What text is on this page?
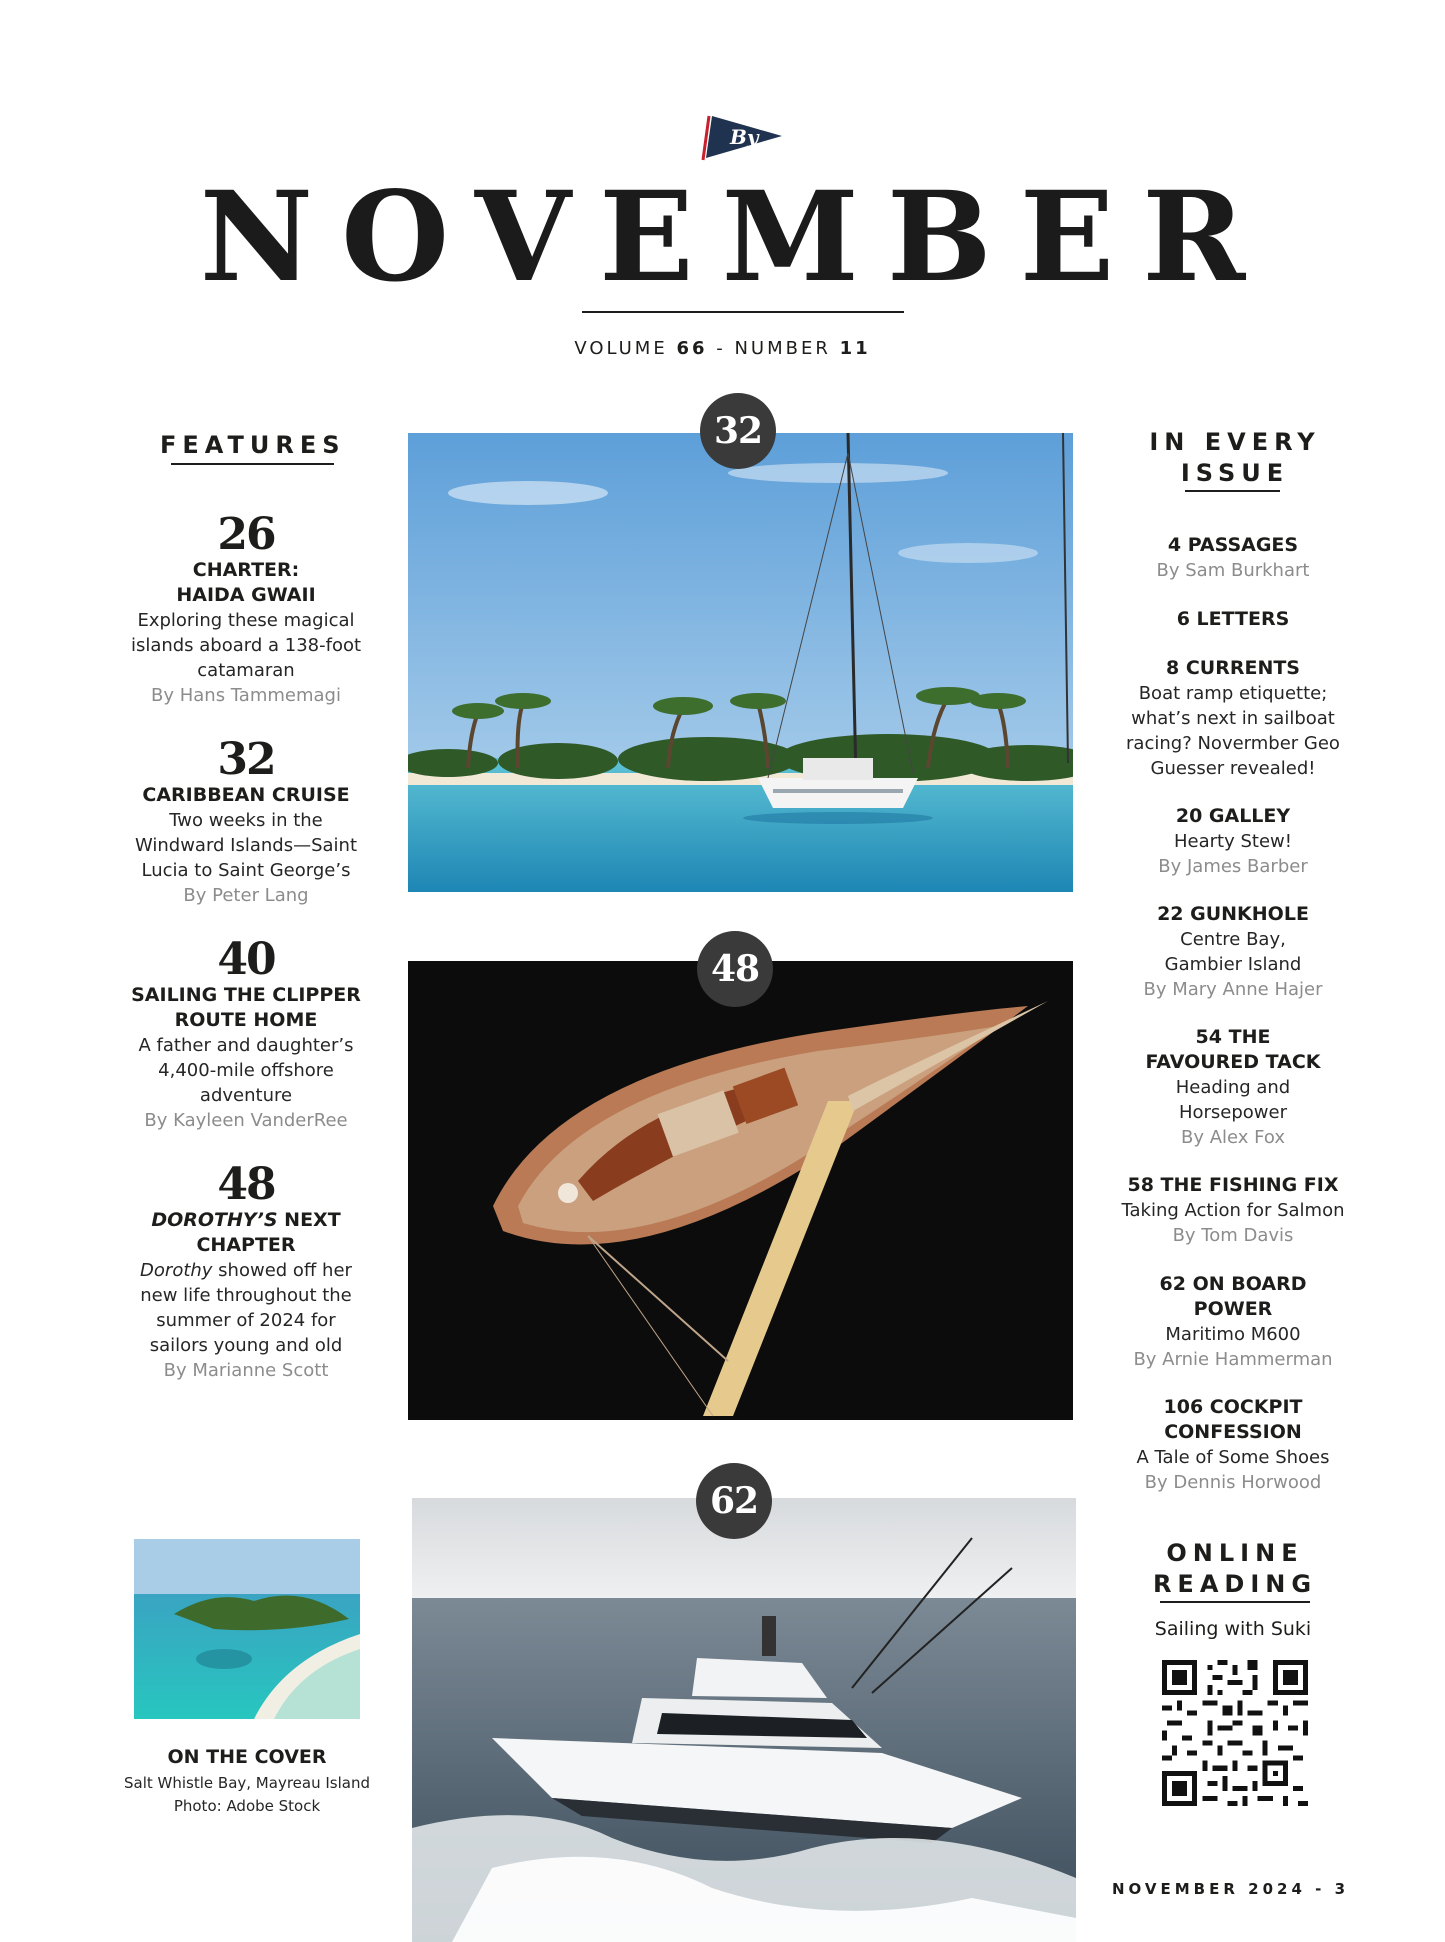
By
NOVEMBER
VOLUME 66 - NUMBER 11
FEATURES
26
CHARTER:
HAIDA GWAII
Exploring these magical islands aboard a 138-foot catamaran
By Hans Tammemagi
32
CARIBBEAN CRUISE
Two weeks in the Windward Islands—Saint Lucia to Saint George’s
By Peter Lang
40
SAILING THE CLIPPER
ROUTE HOME
A father and daughter’s 4,400-mile offshore adventure
By Kayleen VanderRee
48
DOROTHY’S NEXT
CHAPTER
Dorothy showed off her new life throughout the summer of 2024 for sailors young and old
By Marianne Scott
32
48
62
ON THE COVER
Salt Whistle Bay, Mayreau Island
Photo: Adobe Stock
IN EVERY
ISSUE
4 PASSAGES
By Sam Burkhart
6 LETTERS
8 CURRENTS
Boat ramp etiquette; what’s next in sailboat racing? Novermber Geo Guesser revealed!
20 GALLEY
Hearty Stew!
By James Barber
22 GUNKHOLE
Centre Bay, Gambier Island
By Mary Anne Hajer
54 THE FAVOURED TACK
Heading and Horsepower
By Alex Fox
58 THE FISHING FIX
Taking Action for Salmon
By Tom Davis
62 ON BOARD POWER
Maritimo M600
By Arnie Hammerman
106 COCKPIT CONFESSION
A Tale of Some Shoes
By Dennis Horwood
ONLINE
READING
Sailing with Suki
NOVEMBER 2024 - 3
